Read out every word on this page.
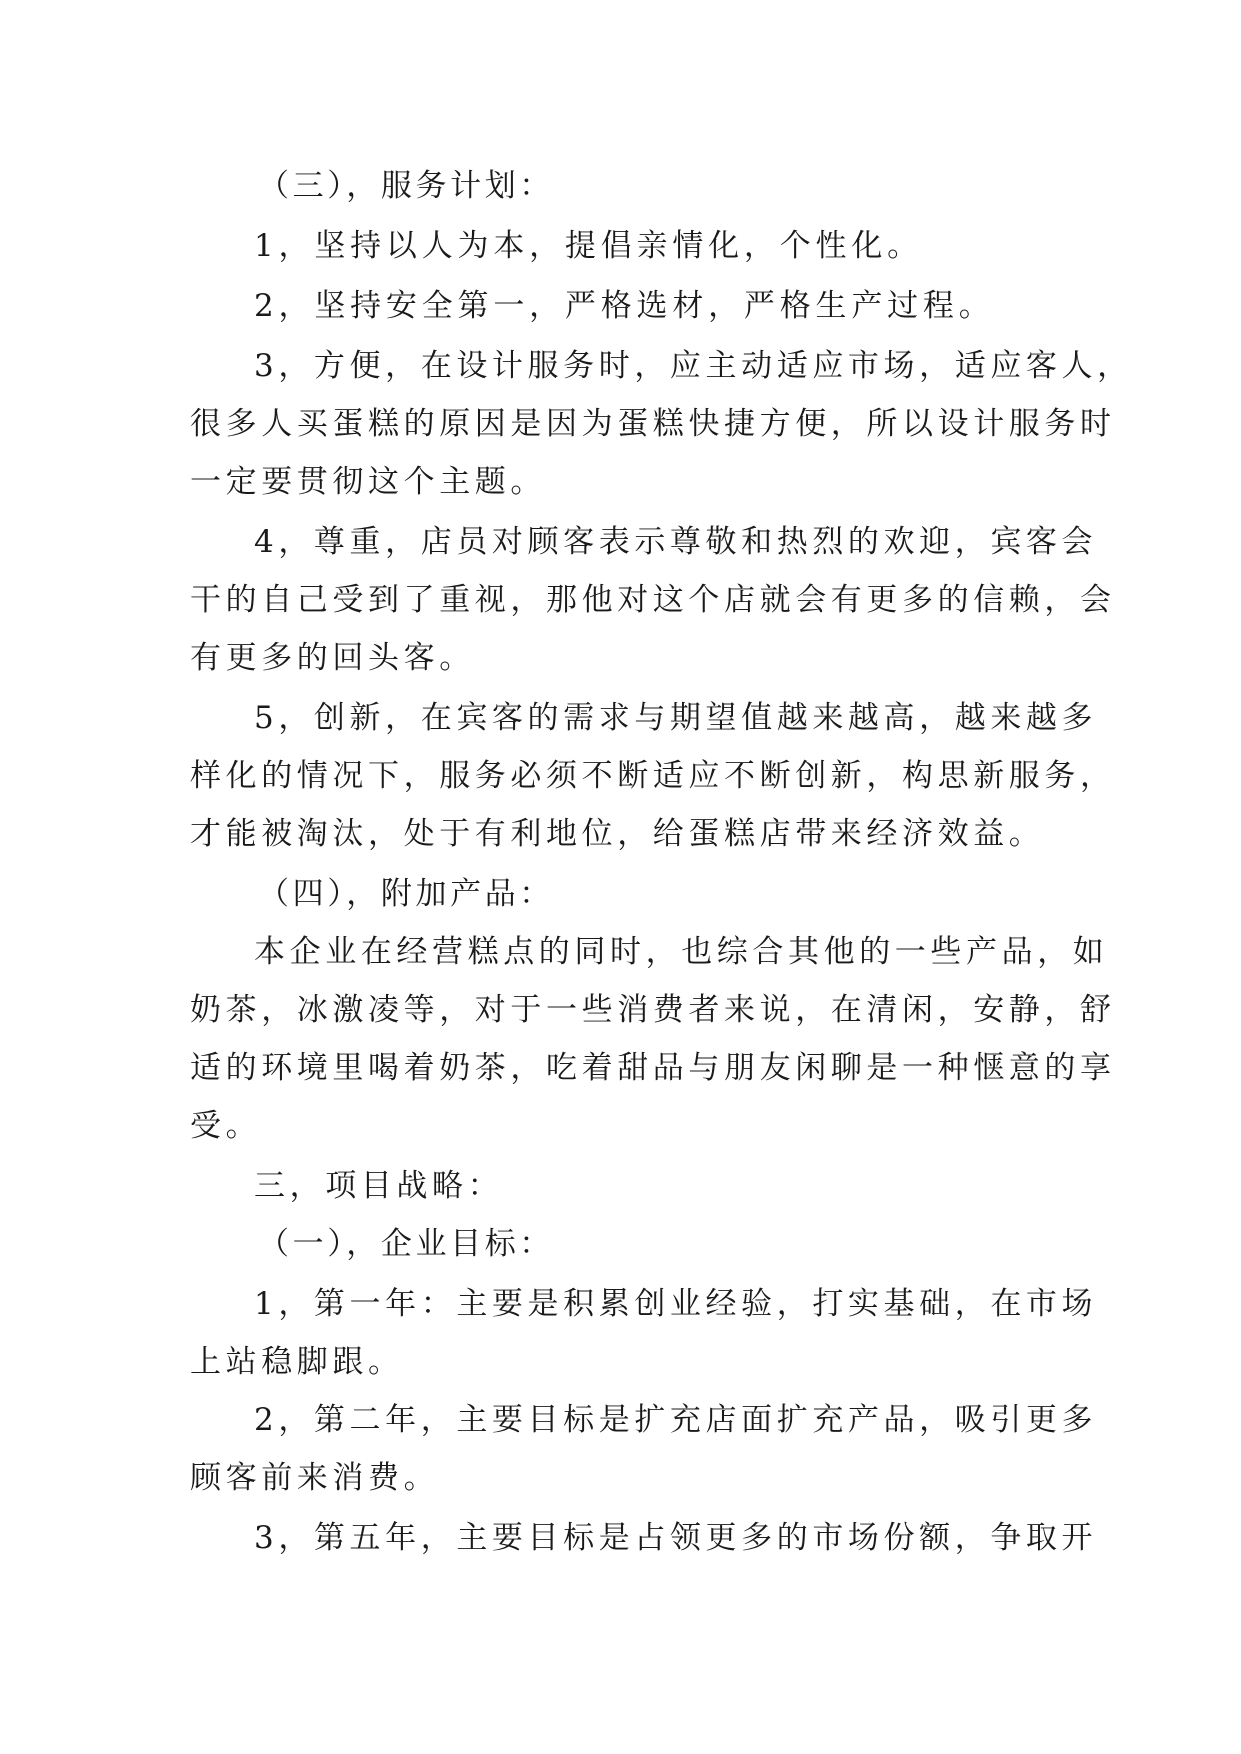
（三），服务计划：

1，坚持以人为本，提倡亲情化，个性化。

2，坚持安全第一，严格选材，严格生产过程。

3，方便，在设计服务时，应主动适应市场，适应客人，

很多人买蛋糕的原因是因为蛋糕快捷方便，所以设计服务时

一定要贯彻这个主题。

4，尊重，店员对顾客表示尊敬和热烈的欢迎，宾客会

干的自己受到了重视，那他对这个店就会有更多的信赖，会

有更多的回头客。

5，创新，在宾客的需求与期望值越来越高，越来越多

样化的情况下，服务必须不断适应不断创新，构思新服务，

才能被淘汰，处于有利地位，给蛋糕店带来经济效益。

（四），附加产品：

本企业在经营糕点的同时，也综合其他的一些产品，如

奶茶，冰激凌等，对于一些消费者来说，在清闲，安静，舒

适的环境里喝着奶茶，吃着甜品与朋友闲聊是一种惬意的享

受。

三，项目战略：

（一），企业目标：

1，第一年：主要是积累创业经验，打实基础，在市场

上站稳脚跟。

2，第二年，主要目标是扩充店面扩充产品，吸引更多

顾客前来消费。

3，第五年，主要目标是占领更多的市场份额，争取开
